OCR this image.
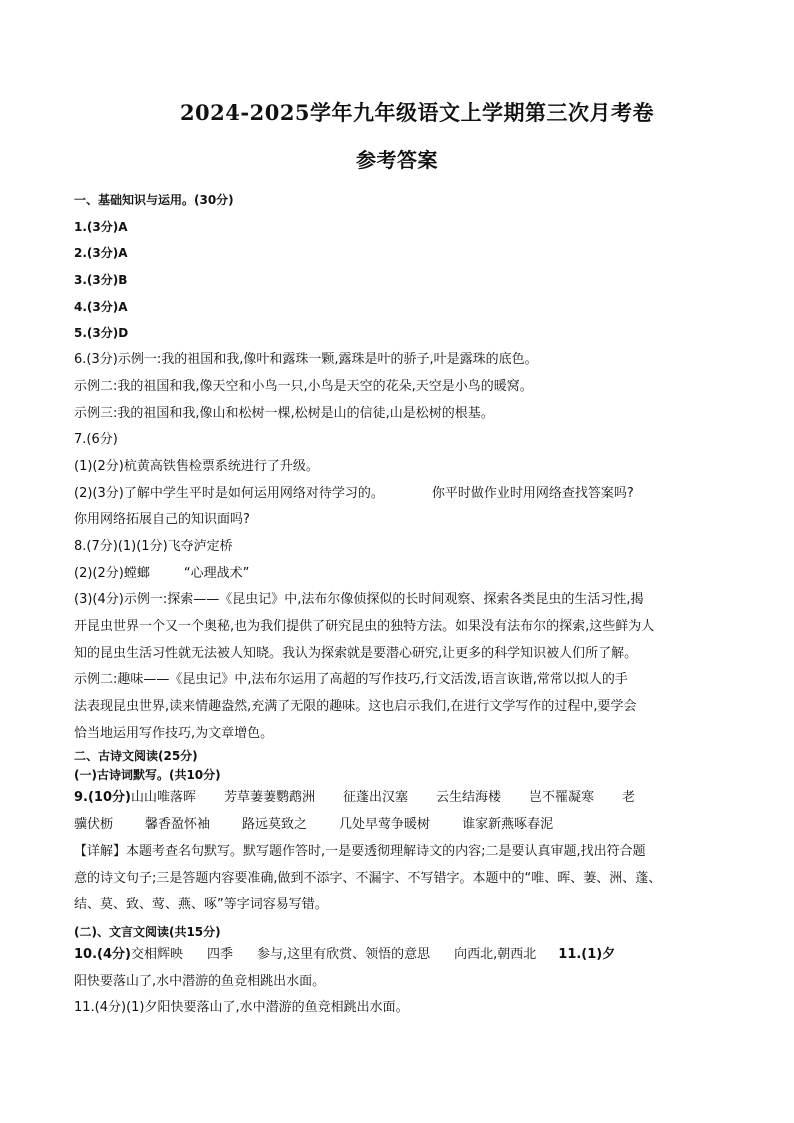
2024-2025学年九年级语文上学期第三次月考卷
参考答案
一、基础知识与运用。(30分)
1.(3分)A
2.(3分)A
3.(3分)B
4.(3分)A
5.(3分)D
6.(3分)示例一:我的祖国和我,像叶和露珠一颗,露珠是叶的骄子,叶是露珠的底色。
示例二:我的祖国和我,像天空和小鸟一只,小鸟是天空的花朵,天空是小鸟的暖窝。
示例三:我的祖国和我,像山和松树一棵,松树是山的信徒,山是松树的根基。
7.(6分)
(1)(2分)杭黄高铁售检票系统进行了升级。
(2)(3分)了解中学生平时是如何运用网络对待学习的。	你平时做作业时用网络查找答案吗?
你用网络拓展自己的知识面吗?
8.(7分)(1)(1分)飞夺泸定桥
(2)(2分)螳螂	“心理战术”
(3)(4分)示例一:探索——《昆虫记》中,法布尔像侦探似的长时间观察、探索各类昆虫的生活习性,揭
开昆虫世界一个又一个奥秘,也为我们提供了研究昆虫的独特方法。如果没有法布尔的探索,这些鲜为人
知的昆虫生活习性就无法被人知晓。我认为探索就是要潜心研究,让更多的科学知识被人们所了解。
示例二:趣味——《昆虫记》中,法布尔运用了高超的写作技巧,行文活泼,语言诙谐,常常以拟人的手
法表现昆虫世界,读来情趣盎然,充满了无限的趣味。这也启示我们,在进行文学写作的过程中,要学会
恰当地运用写作技巧,为文章增色。
二、古诗文阅读(25分)
(一)古诗词默写。(共10分)
9.(10分)山山唯落晖 芳草萋萋鹦鹉洲 征蓬出汉塞 云生结海楼 岂不罹凝寒 老
骥伏枥 馨香盈怀袖 路远莫致之 几处早莺争暖树 谁家新燕啄春泥
【详解】本题考查名句默写。默写题作答时,一是要透彻理解诗文的内容;二是要认真审题,找出符合题
意的诗文句子;三是答题内容要准确,做到不添字、不漏字、不写错字。本题中的“唯、晖、萋、洲、蓬、
结、莫、致、莺、燕、啄”等字词容易写错。
(二)、文言文阅读(共15分)
10.(4分)交相辉映 四季 参与,这里有欣赏、领悟的意思 向西北,朝西北 11.(1)夕
阳快要落山了,水中潜游的鱼竞相跳出水面。
11.(4分)(1)夕阳快要落山了,水中潜游的鱼竞相跳出水面。
